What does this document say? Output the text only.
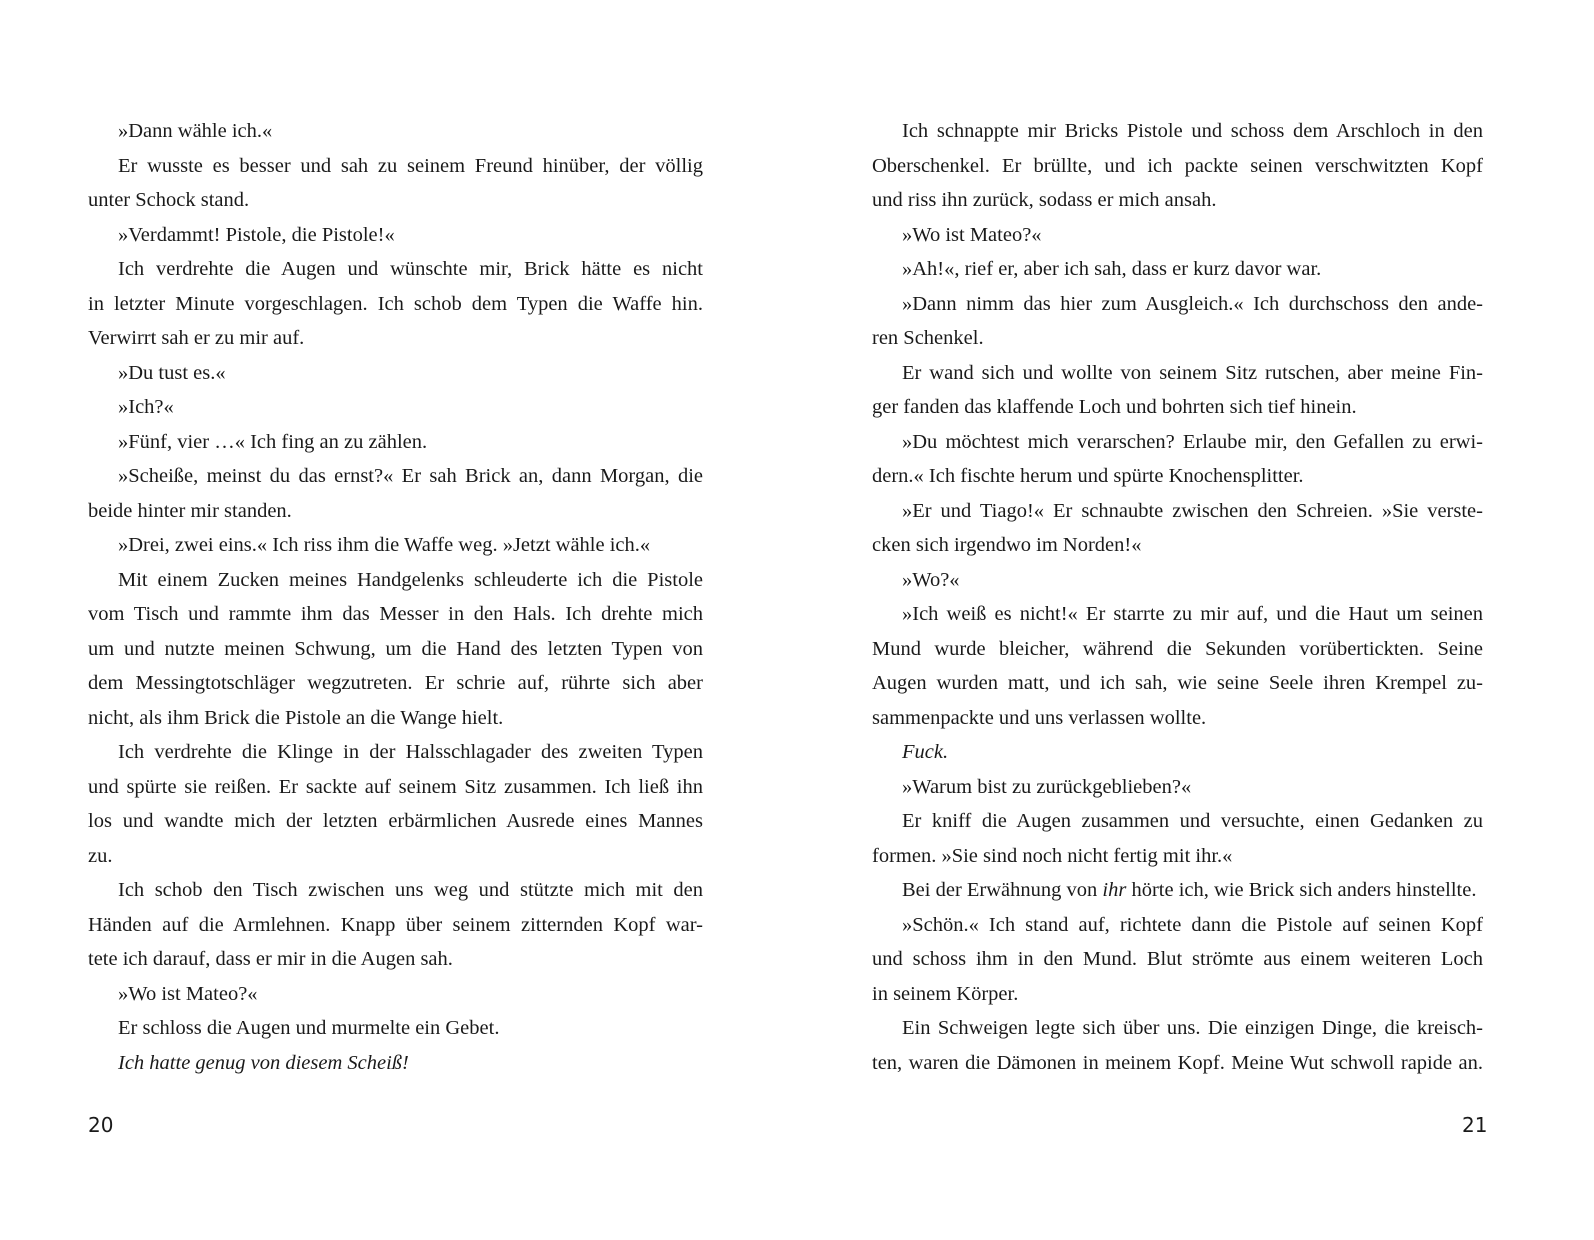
»Dann wähle ich.«
Er wusste es besser und sah zu seinem Freund hinüber, der völlig
unter Schock stand.
»Verdammt! Pistole, die Pistole!«
Ich verdrehte die Augen und wünschte mir, Brick hätte es nicht
in letzter Minute vorgeschlagen. Ich schob dem Typen die Waffe hin.
Verwirrt sah er zu mir auf.
»Du tust es.«
»Ich?«
»Fünf, vier …« Ich fing an zu zählen.
»Scheiße, meinst du das ernst?« Er sah Brick an, dann Morgan, die
beide hinter mir standen.
»Drei, zwei eins.« Ich riss ihm die Waffe weg. »Jetzt wähle ich.«
Mit einem Zucken meines Handgelenks schleuderte ich die Pistole
vom Tisch und rammte ihm das Messer in den Hals. Ich drehte mich
um und nutzte meinen Schwung, um die Hand des letzten Typen von
dem Messingtotschläger wegzutreten. Er schrie auf, rührte sich aber
nicht, als ihm Brick die Pistole an die Wange hielt.
Ich verdrehte die Klinge in der Halsschlagader des zweiten Typen
und spürte sie reißen. Er sackte auf seinem Sitz zusammen. Ich ließ ihn
los und wandte mich der letzten erbärmlichen Ausrede eines Mannes
zu.
Ich schob den Tisch zwischen uns weg und stützte mich mit den
Händen auf die Armlehnen. Knapp über seinem zitternden Kopf war-
tete ich darauf, dass er mir in die Augen sah.
»Wo ist Mateo?«
Er schloss die Augen und murmelte ein Gebet.
Ich hatte genug von diesem Scheiß!
Ich schnappte mir Bricks Pistole und schoss dem Arschloch in den
Oberschenkel. Er brüllte, und ich packte seinen verschwitzten Kopf
und riss ihn zurück, sodass er mich ansah.
»Wo ist Mateo?«
»Ah!«, rief er, aber ich sah, dass er kurz davor war.
»Dann nimm das hier zum Ausgleich.« Ich durchschoss den ande-
ren Schenkel.
Er wand sich und wollte von seinem Sitz rutschen, aber meine Fin-
ger fanden das klaffende Loch und bohrten sich tief hinein.
»Du möchtest mich verarschen? Erlaube mir, den Gefallen zu erwi-
dern.« Ich fischte herum und spürte Knochensplitter.
»Er und Tiago!« Er schnaubte zwischen den Schreien. »Sie verste-
cken sich irgendwo im Norden!«
»Wo?«
»Ich weiß es nicht!« Er starrte zu mir auf, und die Haut um seinen
Mund wurde bleicher, während die Sekunden vorübertickten. Seine
Augen wurden matt, und ich sah, wie seine Seele ihren Krempel zu-
sammenpackte und uns verlassen wollte.
Fuck.
»Warum bist zu zurückgeblieben?«
Er kniff die Augen zusammen und versuchte, einen Gedanken zu
formen. »Sie sind noch nicht fertig mit ihr.«
Bei der Erwähnung von ihr hörte ich, wie Brick sich anders hinstellte.
»Schön.« Ich stand auf, richtete dann die Pistole auf seinen Kopf
und schoss ihm in den Mund. Blut strömte aus einem weiteren Loch
in seinem Körper.
Ein Schweigen legte sich über uns. Die einzigen Dinge, die kreisch-
ten, waren die Dämonen in meinem Kopf. Meine Wut schwoll rapide an.
20	21
